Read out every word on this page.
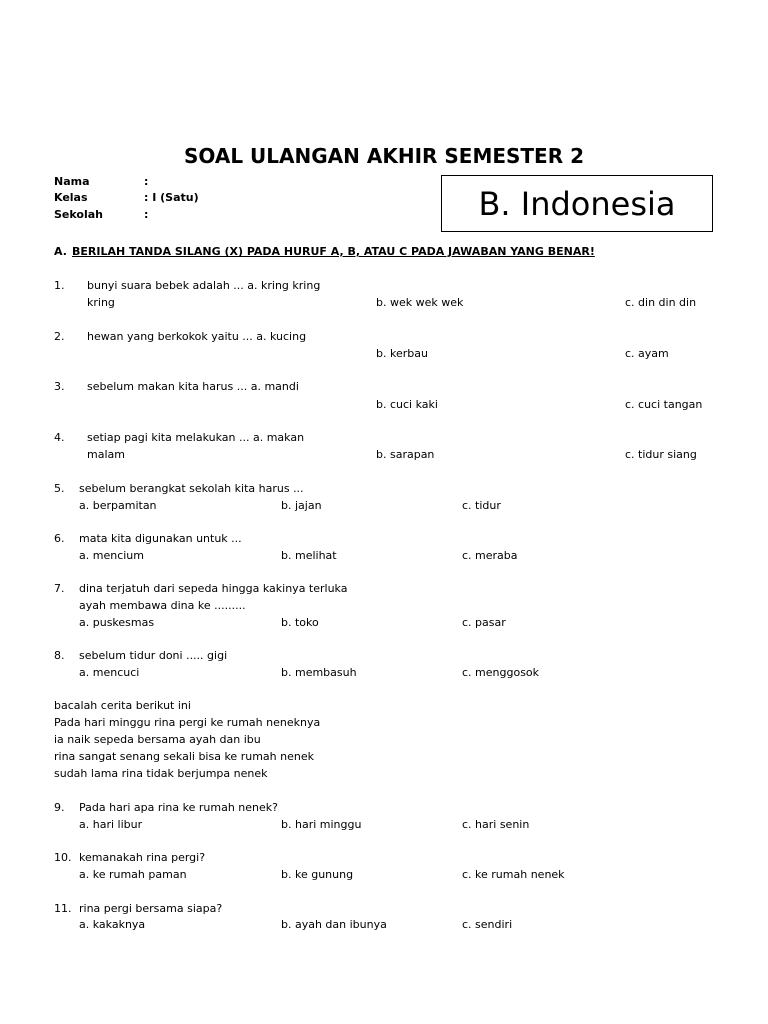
SOAL ULANGAN AKHIR SEMESTER 2
Nama	:
Kelas	: I (Satu)
Sekolah	:	B. Indonesia
A. BERILAH TANDA SILANG (X) PADA HURUF A, B, ATAU C PADA JAWABAN YANG BENAR!
1. bunyi suara bebek adalah ... a. kring kring
kring	b. wek wek wek	c. din din din
2. hewan yang berkokok yaitu ... a. kucing
b. kerbau	c. ayam
3. sebelum makan kita harus ... a. mandi
b. cuci kaki	c. cuci tangan
4. setiap pagi kita melakukan ... a. makan
malam	b. sarapan	c. tidur siang
5. sebelum berangkat sekolah kita harus ...
a. berpamitan	b. jajan	c. tidur
6. mata kita digunakan untuk ...
a. mencium	b. melihat	c. meraba
7. dina terjatuh dari sepeda hingga kakinya terluka
ayah membawa dina ke .........
a. puskesmas	b. toko	c. pasar
8. sebelum tidur doni ..... gigi
a. mencuci	b. membasuh	c. menggosok
bacalah cerita berikut ini
Pada hari minggu rina pergi ke rumah neneknya
ia naik sepeda bersama ayah dan ibu
rina sangat senang sekali bisa ke rumah nenek
sudah lama rina tidak berjumpa nenek
9. Pada hari apa rina ke rumah nenek?
a. hari libur	b. hari minggu	c. hari senin
10. kemanakah rina pergi?
a. ke rumah paman	b. ke gunung	c. ke rumah nenek
11. rina pergi bersama siapa?
a. kakaknya	b. ayah dan ibunya	c. sendiri
